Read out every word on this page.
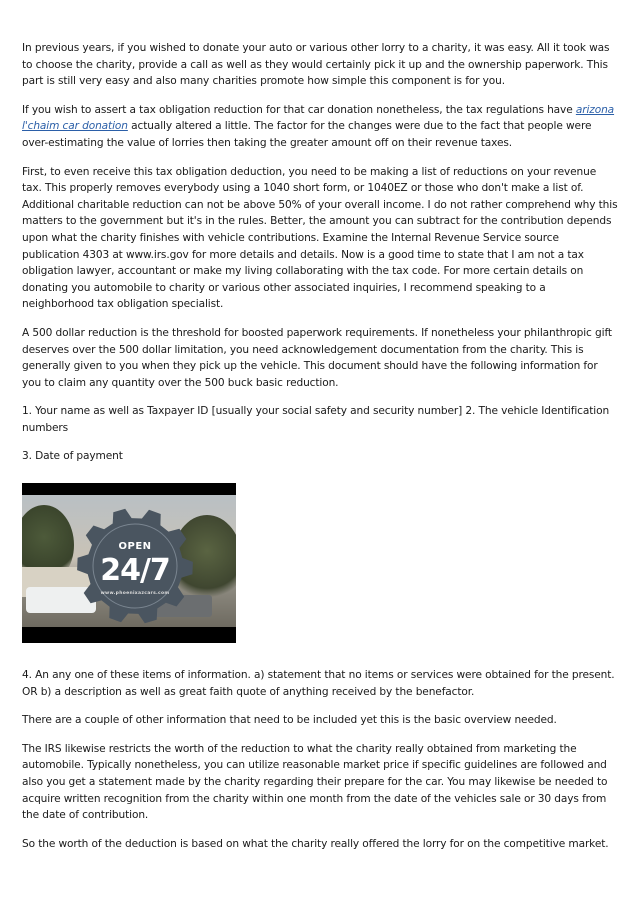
In previous years, if you wished to donate your auto or various other lorry to a charity, it was easy. All it took was to choose the charity, provide a call as well as they would certainly pick it up and the ownership paperwork. This part is still very easy and also many charities promote how simple this component is for you.

If you wish to assert a tax obligation reduction for that car donation nonetheless, the tax regulations have arizona l'chaim car donation actually altered a little. The factor for the changes were due to the fact that people were over-estimating the value of lorries then taking the greater amount off on their revenue taxes.

First, to even receive this tax obligation deduction, you need to be making a list of reductions on your revenue tax. This properly removes everybody using a 1040 short form, or 1040EZ or those who don't make a list of. Additional charitable reduction can not be above 50% of your overall income. I do not rather comprehend why this matters to the government but it's in the rules. Better, the amount you can subtract for the contribution depends upon what the charity finishes with vehicle contributions. Examine the Internal Revenue Service source publication 4303 at www.irs.gov for more details and details. Now is a good time to state that I am not a tax obligation lawyer, accountant or make my living collaborating with the tax code. For more certain details on donating you automobile to charity or various other associated inquiries, I recommend speaking to a neighborhood tax obligation specialist.

A 500 dollar reduction is the threshold for boosted paperwork requirements. If nonetheless your philanthropic gift deserves over the 500 dollar limitation, you need acknowledgement documentation from the charity. This is generally given to you when they pick up the vehicle. This document should have the following information for you to claim any quantity over the 500 buck basic reduction.

1. Your name as well as Taxpayer ID [usually your social safety and security number] 2. The vehicle Identification numbers

3. Date of payment

OPEN
24/7
www.phoenixazcars.com

4. An any one of these items of information. a) statement that no items or services were obtained for the present. OR b) a description as well as great faith quote of anything received by the benefactor.

There are a couple of other information that need to be included yet this is the basic overview needed.

The IRS likewise restricts the worth of the reduction to what the charity really obtained from marketing the automobile. Typically nonetheless, you can utilize reasonable market price if specific guidelines are followed and also you get a statement made by the charity regarding their prepare for the car. You may likewise be needed to acquire written recognition from the charity within one month from the date of the vehicles sale or 30 days from the date of contribution.

So the worth of the deduction is based on what the charity really offered the lorry for on the competitive market.
